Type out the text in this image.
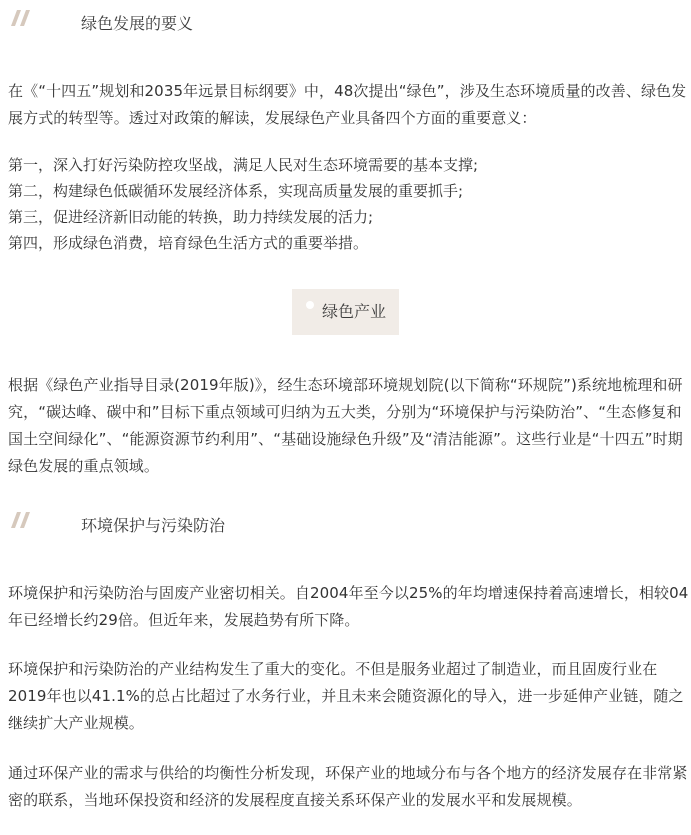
绿色发展的要义

在《“十四五”规划和2035年远景目标纲要》中，48次提出“绿色”，涉及生态环境质量的改善、绿色发展方式的转型等。透过对政策的解读，发展绿色产业具备四个方面的重要意义：

第一，深入打好污染防控攻坚战，满足人民对生态环境需要的基本支撑;
第二，构建绿色低碳循环发展经济体系，实现高质量发展的重要抓手;
第三，促进经济新旧动能的转换，助力持续发展的活力;
第四，形成绿色消费，培育绿色生活方式的重要举措。
绿色产业

根据《绿色产业指导目录(2019年版)》，经生态环境部环境规划院(以下简称“环规院”)系统地梳理和研究，“碳达峰、碳中和”目标下重点领域可归纳为五大类，分别为“环境保护与污染防治”、“生态修复和国土空间绿化”、“能源资源节约利用”、“基础设施绿色升级”及“清洁能源”。这些行业是“十四五”时期绿色发展的重点领域。

环境保护与污染防治

环境保护和污染防治与固废产业密切相关。自2004年至今以25%的年均增速保持着高速增长，相较04年已经增长约29倍。但近年来，发展趋势有所下降。

环境保护和污染防治的产业结构发生了重大的变化。不但是服务业超过了制造业，而且固废行业在2019年也以41.1%的总占比超过了水务行业，并且未来会随资源化的导入，进一步延伸产业链，随之继续扩大产业规模。

通过环保产业的需求与供给的均衡性分析发现，环保产业的地域分布与各个地方的经济发展存在非常紧密的联系，当地环保投资和经济的发展程度直接关系环保产业的发展水平和发展规模。
